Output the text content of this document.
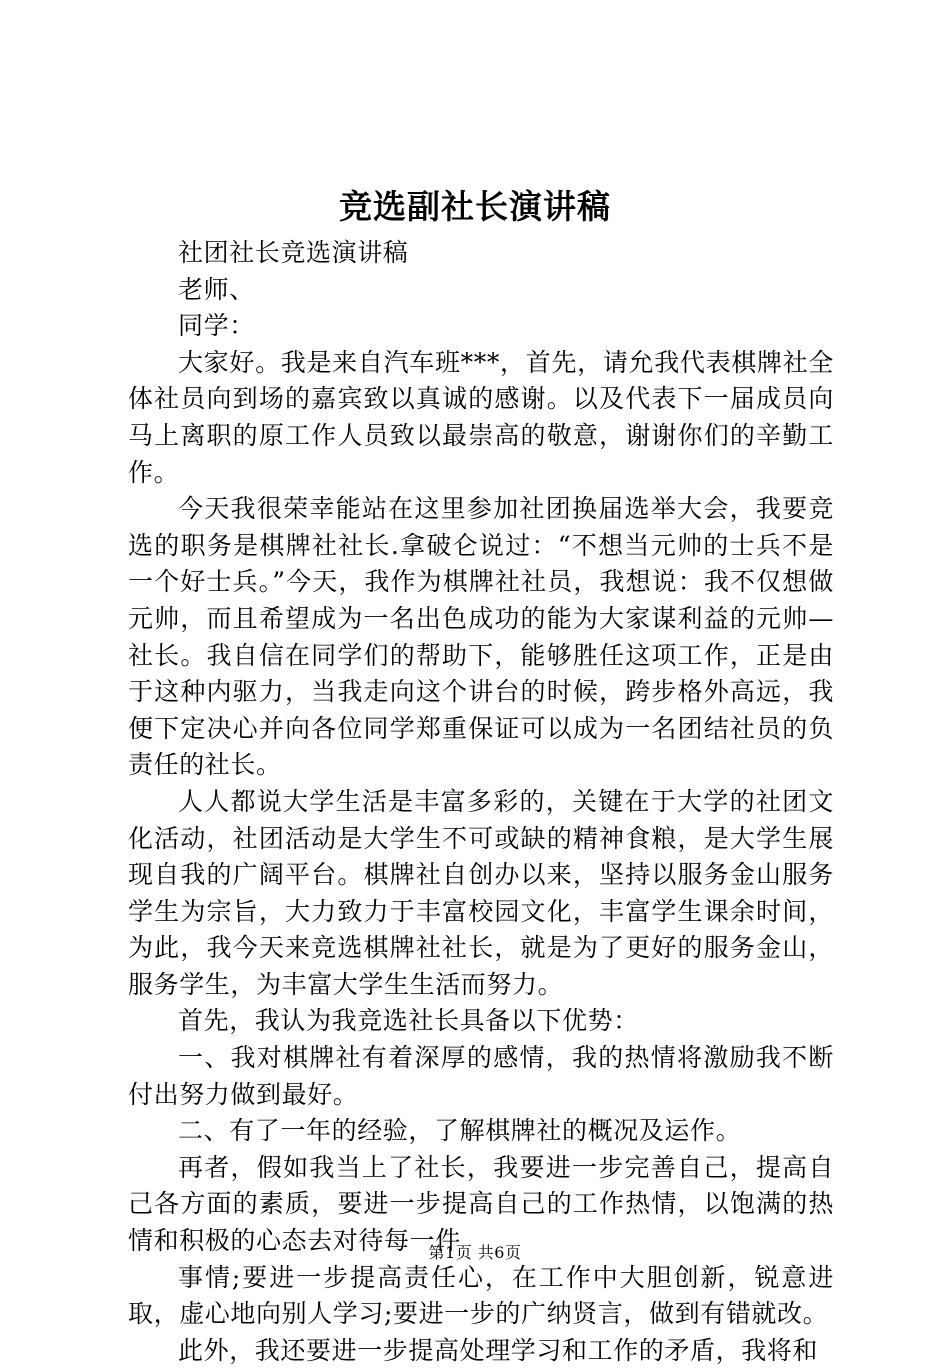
竞选副社长演讲稿

社团社长竞选演讲稿

老师、

同学：

大家好。我是来自汽车班***，首先，请允我代表棋牌社全体社员向到场的嘉宾致以真诚的感谢。以及代表下一届成员向马上离职的原工作人员致以最崇高的敬意，谢谢你们的辛勤工作。

今天我很荣幸能站在这里参加社团换届选举大会，我要竞选的职务是棋牌社社长.拿破仑说过：“不想当元帅的士兵不是一个好士兵。”今天，我作为棋牌社社员，我想说：我不仅想做元帅，而且希望成为一名出色成功的能为大家谋利益的元帅—社长。我自信在同学们的帮助下，能够胜任这项工作，正是由于这种内驱力，当我走向这个讲台的时候，跨步格外高远，我便下定决心并向各位同学郑重保证可以成为一名团结社员的负责任的社长。

人人都说大学生活是丰富多彩的，关键在于大学的社团文化活动，社团活动是大学生不可或缺的精神食粮，是大学生展现自我的广阔平台。棋牌社自创办以来，坚持以服务金山服务学生为宗旨，大力致力于丰富校园文化，丰富学生课余时间，为此，我今天来竞选棋牌社社长，就是为了更好的服务金山，服务学生，为丰富大学生生活而努力。

首先，我认为我竞选社长具备以下优势：

一、我对棋牌社有着深厚的感情，我的热情将激励我不断付出努力做到最好。

二、有了一年的经验，了解棋牌社的概况及运作。

再者，假如我当上了社长，我要进一步完善自己，提高自己各方面的素质，要进一步提高自己的工作热情，以饱满的热情和积极的心态去对待每一件

事情;要进一步提高责任心，在工作中大胆创新，锐意进取，虚心地向别人学习;要进一步的广纳贤言，做到有错就改。

此外，我还要进一步提高处理学习和工作的矛盾，我将和

第1页 共6页
